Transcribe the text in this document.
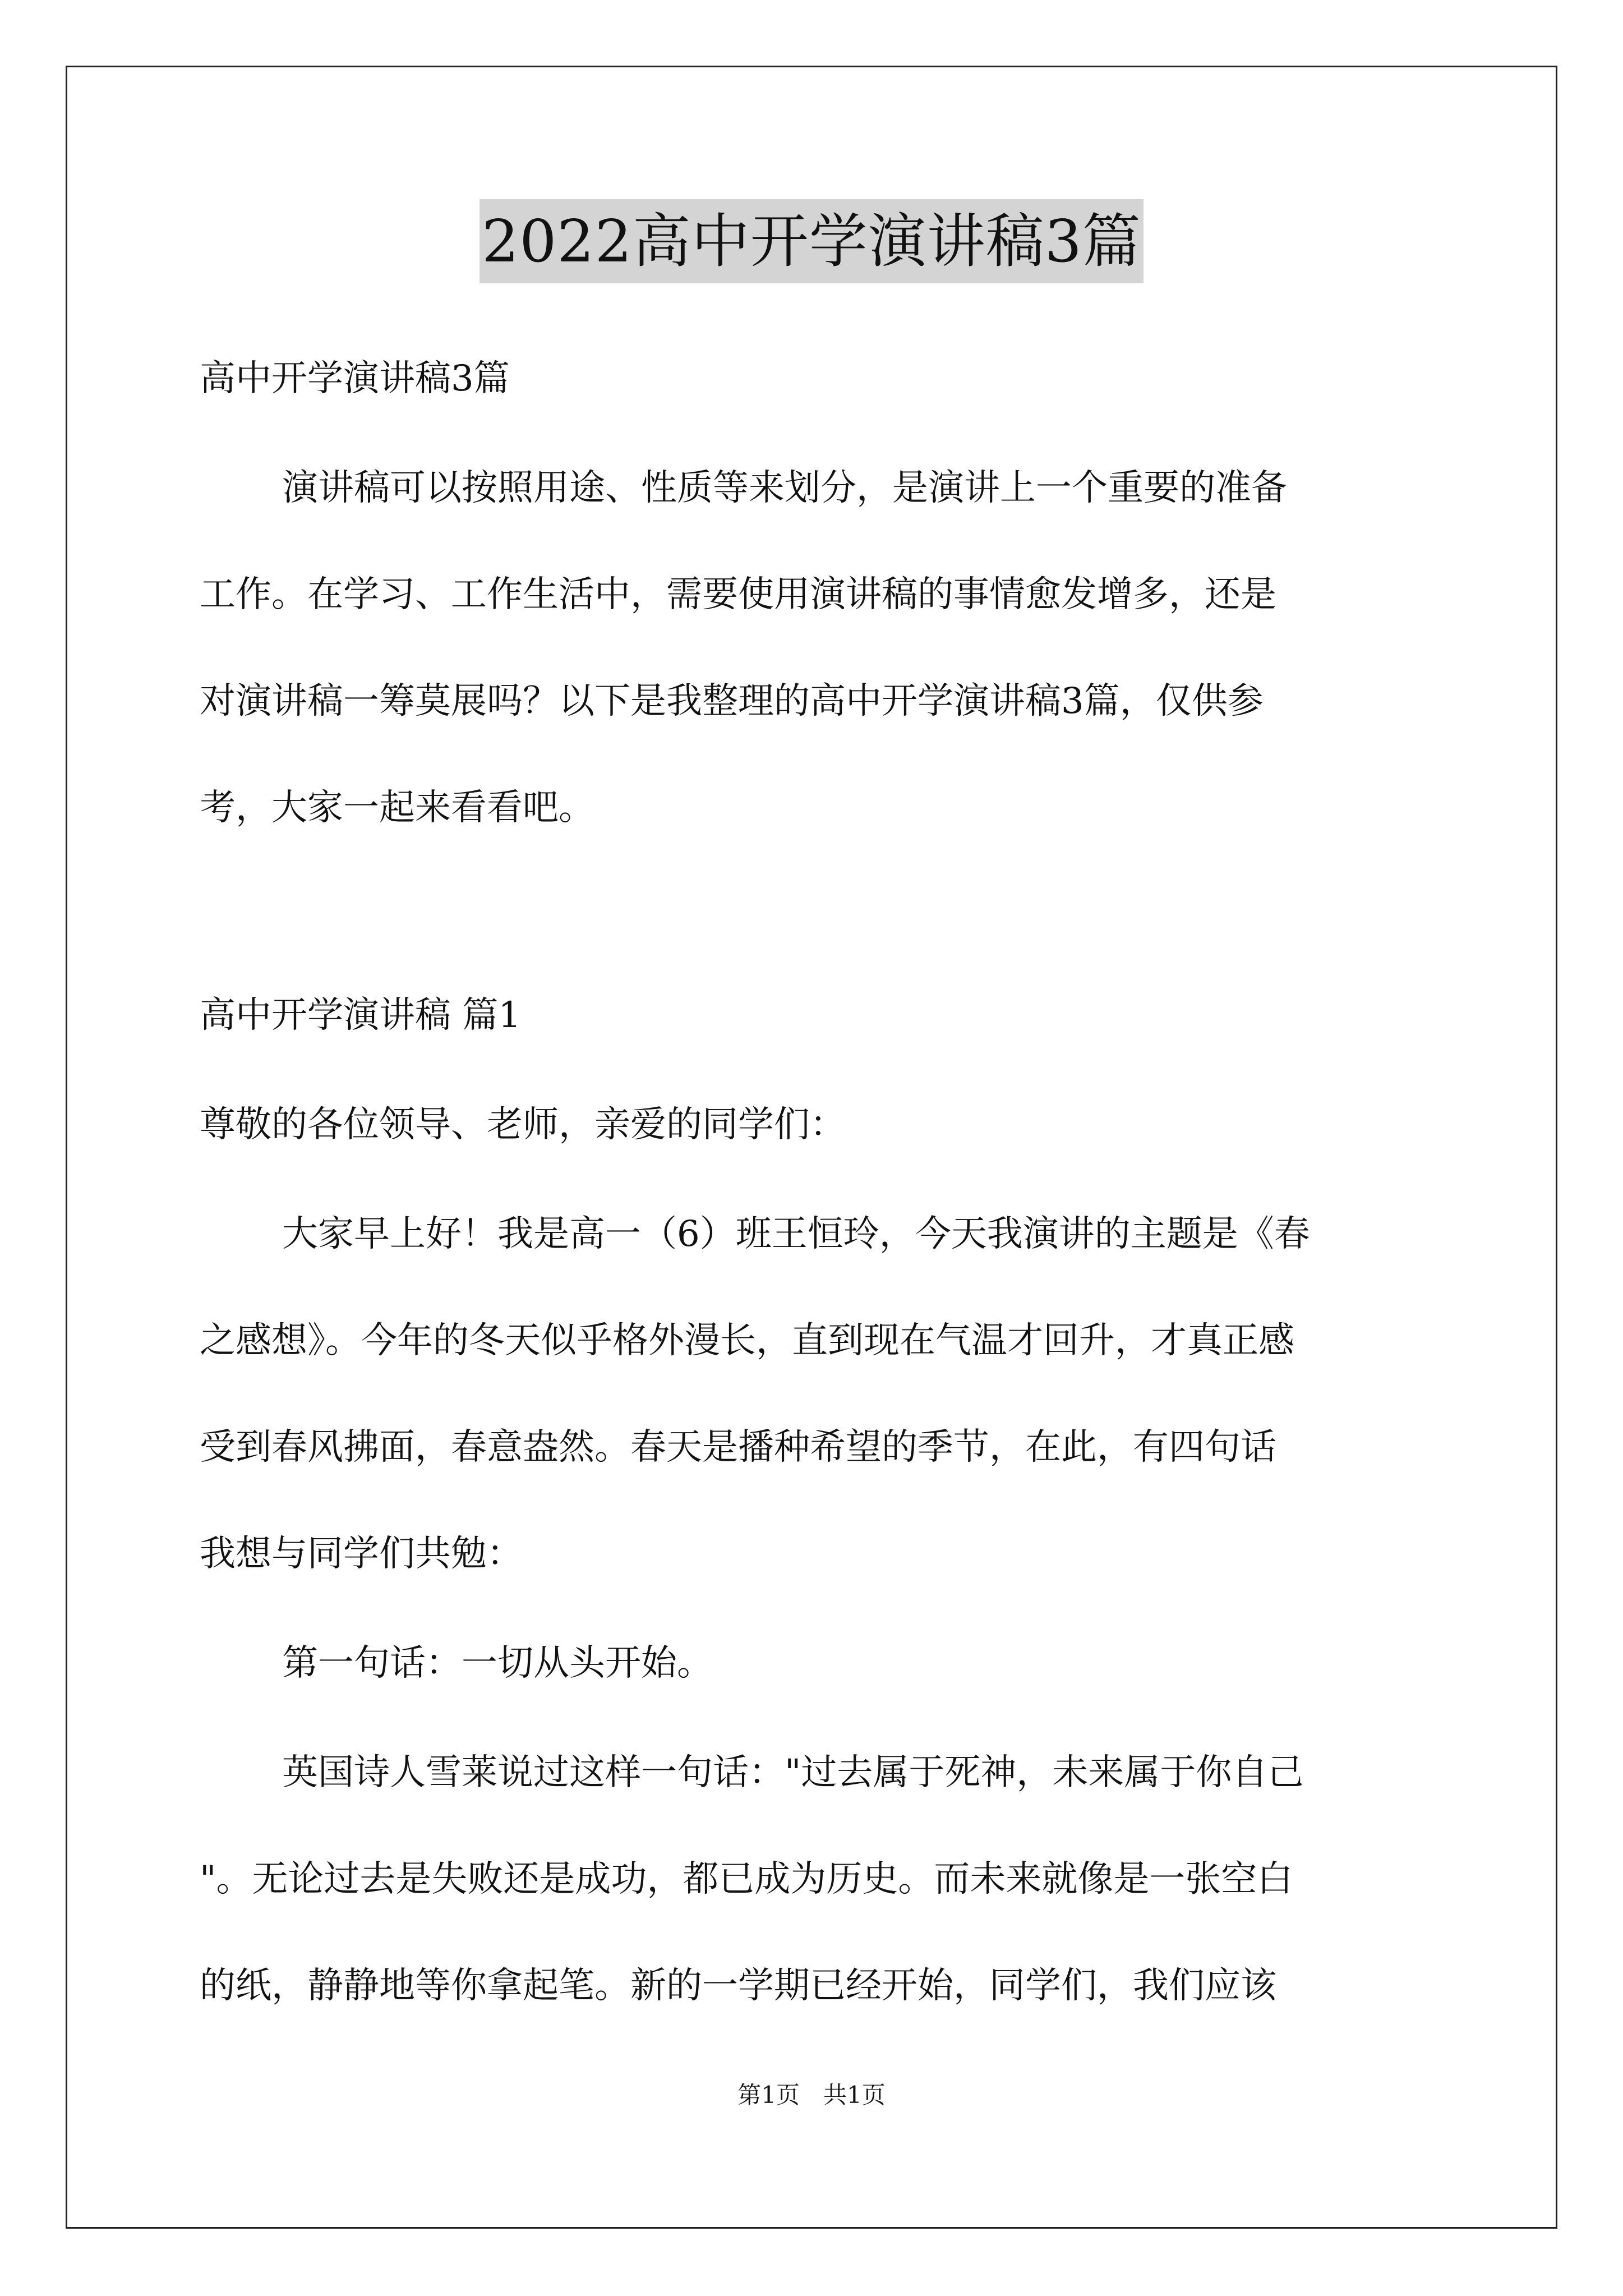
2022高中开学演讲稿3篇
高中开学演讲稿3篇
演讲稿可以按照用途、性质等来划分，是演讲上一个重要的准备
工作。在学习、工作生活中，需要使用演讲稿的事情愈发增多，还是
对演讲稿一筹莫展吗？以下是我整理的高中开学演讲稿3篇，仅供参
考，大家一起来看看吧。
高中开学演讲稿 篇1
尊敬的各位领导、老师，亲爱的同学们：
大家早上好！我是高一（6）班王恒玲，今天我演讲的主题是《春
之感想》。今年的冬天似乎格外漫长，直到现在气温才回升，才真正感
受到春风拂面，春意盎然。春天是播种希望的季节，在此，有四句话
我想与同学们共勉：
第一句话：一切从头开始。
英国诗人雪莱说过这样一句话："过去属于死神，未来属于你自己
"。无论过去是失败还是成功，都已成为历史。而未来就像是一张空白
的纸，静静地等你拿起笔。新的一学期已经开始，同学们，我们应该
第1页　共1页
